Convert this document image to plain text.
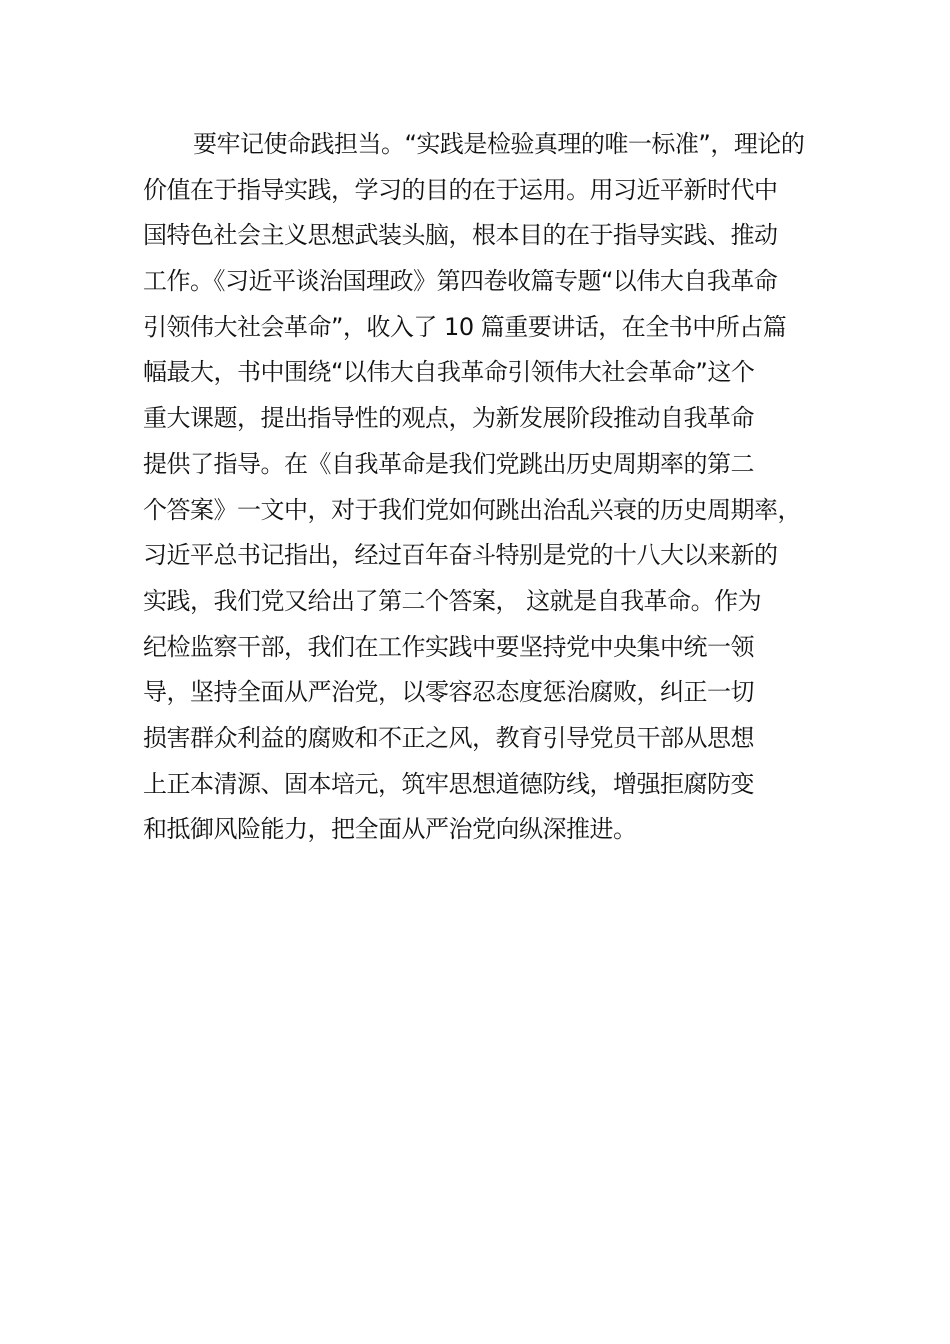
要牢记使命践担当。“实践是检验真理的唯一标准”，理论的
价值在于指导实践，学习的目的在于运用。用习近平新时代中
国特色社会主义思想武装头脑，根本目的在于指导实践、推动
工作。《习近平谈治国理政》第四卷收篇专题“以伟大自我革命
引领伟大社会革命”，收入了 10 篇重要讲话，在全书中所占篇
幅最大，书中围绕“以伟大自我革命引领伟大社会革命”这个
重大课题，提出指导性的观点，为新发展阶段推动自我革命
提供了指导。在《自我革命是我们党跳出历史周期率的第二
个答案》一文中，对于我们党如何跳出治乱兴衰的历史周期率，
习近平总书记指出，经过百年奋斗特别是党的十八大以来新的
实践，我们党又给出了第二个答案， 这就是自我革命。作为
纪检监察干部，我们在工作实践中要坚持党中央集中统一领
导，坚持全面从严治党，以零容忍态度惩治腐败，纠正一切
损害群众利益的腐败和不正之风，教育引导党员干部从思想
上正本清源、固本培元，筑牢思想道德防线，增强拒腐防变
和抵御风险能力，把全面从严治党向纵深推进。
